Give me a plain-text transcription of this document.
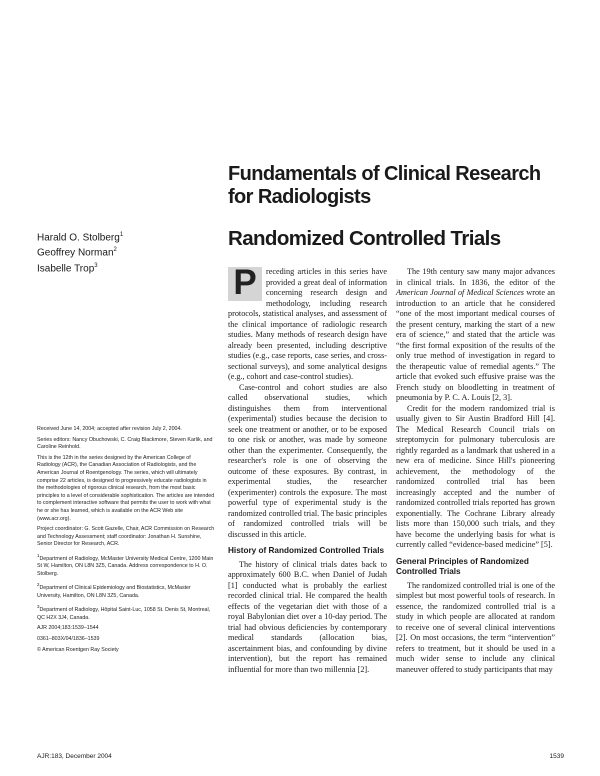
Fundamentals of Clinical Research
for Radiologists
Randomized Controlled Trials
Harald O. Stolberg$^1$
Geoffrey Norman$^2$
Isabelle Trop$^3$

Received June 14, 2004; accepted after revision July 2, 2004.

Series editors: Nancy Obuchowski, C. Craig Blackmore, Steven Karlik, and Caroline Reinhold.

This is the 12th in the series designed by the American College of Radiology (ACR), the Canadian Association of Radiologists, and the American Journal of Roentgenology. The series, which will ultimately comprise 22 articles, is designed to progressively educate radiologists in the methodologies of rigorous clinical research, from the most basic principles to a level of considerable sophistication. The articles are intended to complement interactive software that permits the user to work with what he or she has learned, which is available on the ACR Web site (www.acr.org).

Project coordinator: G. Scott Gazelle, Chair, ACR Commission on Research and Technology Assessment; staff coordinator: Jonathan H. Sunshine, Senior Director for Research, ACR.

$^1$Department of Radiology, McMaster University Medical Centre, 1200 Main St W, Hamilton, ON L8N 3Z5, Canada. Address correspondence to H. O. Stolberg.

$^2$Department of Clinical Epidemiology and Biostatistics, McMaster University, Hamilton, ON L8N 3Z5, Canada.

$^3$Department of Radiology, Hôpital Saint-Luc, 1058 St. Denis St, Montreal, QC H2X 3J4, Canada.

AJR 2004;183:1539–1544

0361–803X/04/1836–1539

© American Roentgen Ray Society

P	receding articles in this series have provided a great deal of information concerning research design and methodology, including research protocols, statistical analyses, and assessment of the clinical importance of radiologic research studies. Many methods of research design have already been presented, including descriptive studies (e.g., case reports, case series, and cross-sectional surveys), and some analytical designs (e.g., cohort and case-control studies).

Case-control and cohort studies are also called observational studies, which distinguishes them from interventional (experimental) studies because the decision to seek one treatment or another, or to be exposed to one risk or another, was made by someone other than the experimenter. Consequently, the researcher's role is one of observing the outcome of these exposures. By contrast, in experimental studies, the researcher (experimenter) controls the exposure. The most powerful type of experimental study is the randomized controlled trial. The basic principles of randomized controlled trials will be discussed in this article.

History of Randomized Controlled Trials

The history of clinical trials dates back to approximately 600 B.C. when Daniel of Judah [1] conducted what is probably the earliest recorded clinical trial. He compared the health effects of the vegetarian diet with those of a royal Babylonian diet over a 10-day period. The trial had obvious deficiencies by contemporary medical standards (allocation bias, ascertainment bias, and confounding by divine intervention), but the report has remained influential for more than two millennia [2].

The 19th century saw many major advances in clinical trials. In 1836, the editor of the American Journal of Medical Sciences wrote an introduction to an article that he considered “one of the most important medical courses of the present century, marking the start of a new era of science,” and stated that the article was “the first formal exposition of the results of the only true method of investigation in regard to the therapeutic value of remedial agents.” The article that evoked such effusive praise was the French study on bloodletting in treatment of pneumonia by P. C. A. Louis [2, 3].

Credit for the modern randomized trial is usually given to Sir Austin Bradford Hill [4]. The Medical Research Council trials on streptomycin for pulmonary tuberculosis are rightly regarded as a landmark that ushered in a new era of medicine. Since Hill's pioneering achievement, the methodology of the randomized controlled trial has been increasingly accepted and the number of randomized controlled trials reported has grown exponentially. The Cochrane Library already lists more than 150,000 such trials, and they have become the underlying basis for what is currently called “evidence-based medicine” [5].

General Principles of Randomized Controlled Trials

The randomized controlled trial is one of the simplest but most powerful tools of research. In essence, the randomized controlled trial is a study in which people are allocated at random to receive one of several clinical interventions [2]. On most occasions, the term “intervention” refers to treatment, but it should be used in a much wider sense to include any clinical maneuver offered to study participants that may

AJR:183, December 2004	1539
